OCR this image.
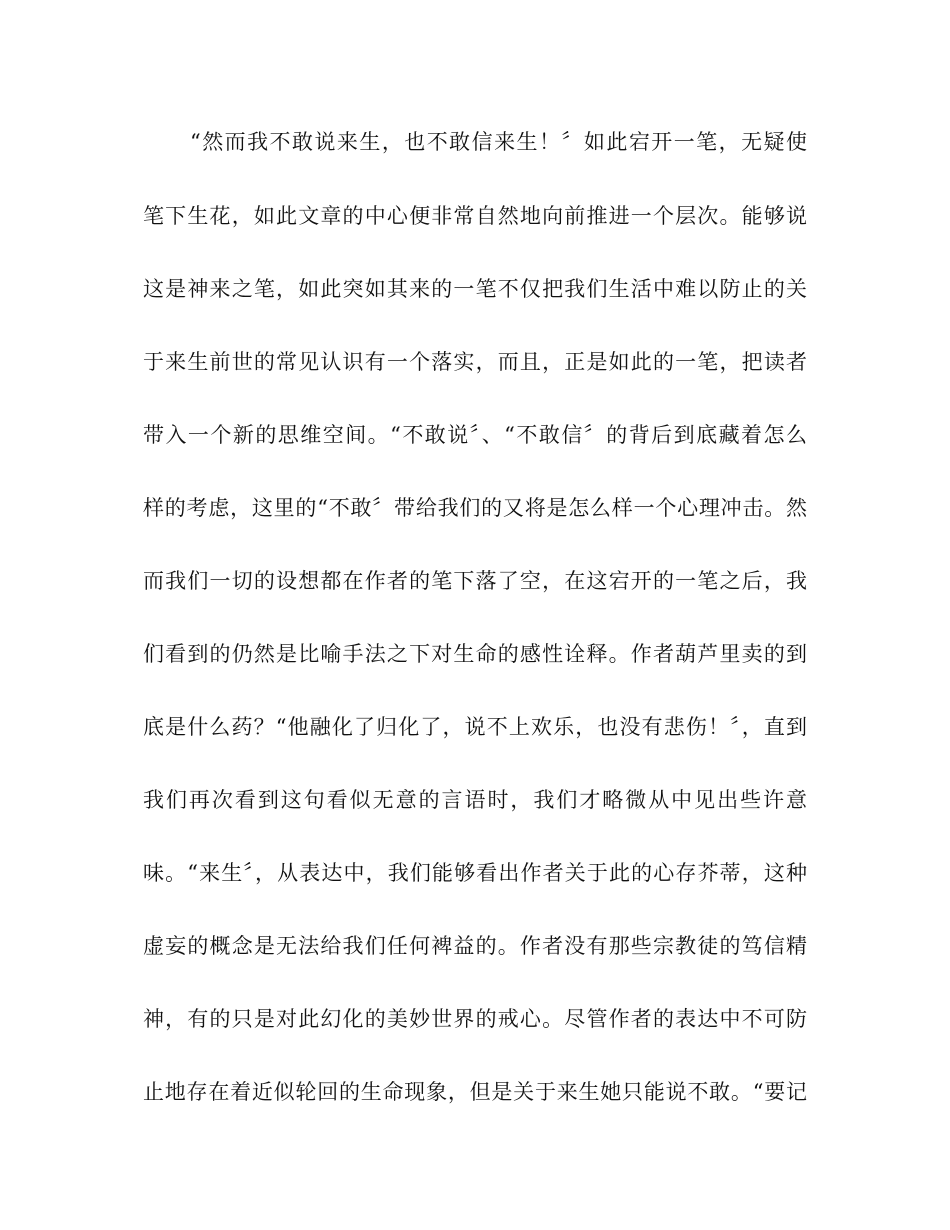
“然而我不敢说来生，也不敢信来生！〞如此宕开一笔，无疑使
笔下生花，如此文章的中心便非常自然地向前推进一个层次。能够说
这是神来之笔，如此突如其来的一笔不仅把我们生活中难以防止的关
于来生前世的常见认识有一个落实，而且，正是如此的一笔，把读者
带入一个新的思维空间。“不敢说〞、“不敢信〞的背后到底藏着怎么
样的考虑，这里的“不敢〞带给我们的又将是怎么样一个心理冲击。然
而我们一切的设想都在作者的笔下落了空，在这宕开的一笔之后，我
们看到的仍然是比喻手法之下对生命的感性诠释。作者葫芦里卖的到
底是什么药？“他融化了归化了，说不上欢乐，也没有悲伤！〞，直到
我们再次看到这句看似无意的言语时，我们才略微从中见出些许意
味。“来生〞，从表达中，我们能够看出作者关于此的心存芥蒂，这种
虚妄的概念是无法给我们任何裨益的。作者没有那些宗教徒的笃信精
神，有的只是对此幻化的美妙世界的戒心。尽管作者的表达中不可防
止地存在着近似轮回的生命现象，但是关于来生她只能说不敢。“要记
